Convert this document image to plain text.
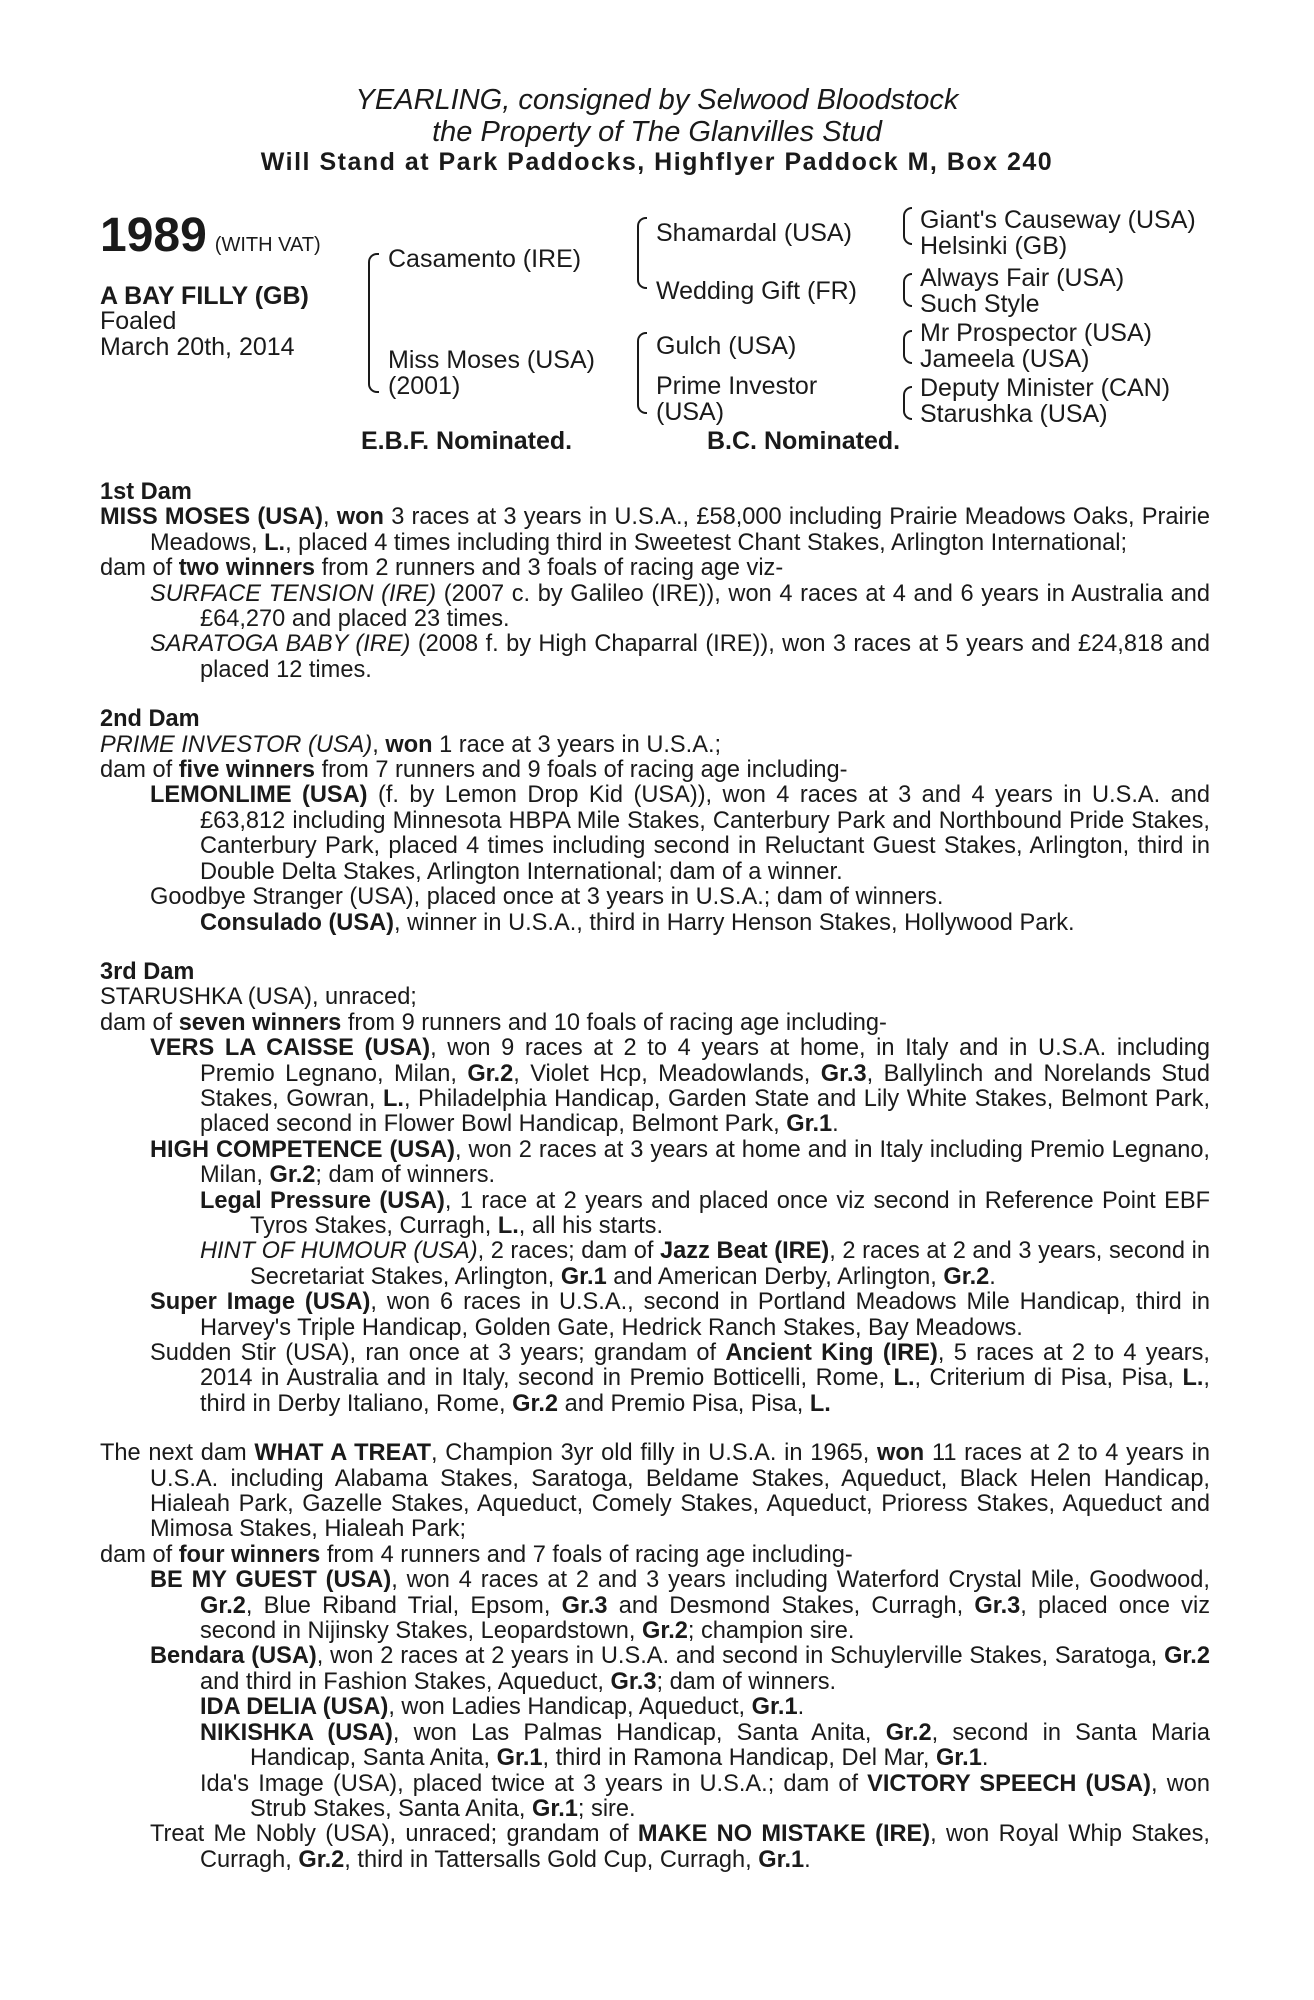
YEARLING, consigned by Selwood Bloodstock
the Property of The Glanvilles Stud
Will Stand at Park Paddocks, Highflyer Paddock M, Box 240
1989 (WITH VAT)
A BAY FILLY (GB)
Foaled
March 20th, 2014
Casamento (IRE)
Miss Moses (USA)
(2001)
Shamardal (USA)
Wedding Gift (FR)
Gulch (USA)
Prime Investor
(USA)
Giant's Causeway (USA)
Helsinki (GB)
Always Fair (USA)
Such Style
Mr Prospector (USA)
Jameela (USA)
Deputy Minister (CAN)
Starushka (USA)
E.B.F. Nominated.	B.C. Nominated.

1st Dam

MISS MOSES (USA), won 3 races at 3 years in U.S.A., £58,000 including Prairie Meadows Oaks, Prairie Meadows, L., placed 4 times including third in Sweetest Chant Stakes, Arlington International;

dam of two winners from 2 runners and 3 foals of racing age viz-

SURFACE TENSION (IRE) (2007 c. by Galileo (IRE)), won 4 races at 4 and 6 years in Australia and £64,270 and placed 23 times.

SARATOGA BABY (IRE) (2008 f. by High Chaparral (IRE)), won 3 races at 5 years and £24,818 and placed 12 times.

2nd Dam

PRIME INVESTOR (USA), won 1 race at 3 years in U.S.A.;

dam of five winners from 7 runners and 9 foals of racing age including-

LEMONLIME (USA) (f. by Lemon Drop Kid (USA)), won 4 races at 3 and 4 years in U.S.A. and £63,812 including Minnesota HBPA Mile Stakes, Canterbury Park and Northbound Pride Stakes, Canterbury Park, placed 4 times including second in Reluctant Guest Stakes, Arlington, third in Double Delta Stakes, Arlington International; dam of a winner.

Goodbye Stranger (USA), placed once at 3 years in U.S.A.; dam of winners.

Consulado (USA), winner in U.S.A., third in Harry Henson Stakes, Hollywood Park.

3rd Dam

STARUSHKA (USA), unraced;

dam of seven winners from 9 runners and 10 foals of racing age including-

VERS LA CAISSE (USA), won 9 races at 2 to 4 years at home, in Italy and in U.S.A. including Premio Legnano, Milan, Gr.2, Violet Hcp, Meadowlands, Gr.3, Ballylinch and Norelands Stud Stakes, Gowran, L., Philadelphia Handicap, Garden State and Lily White Stakes, Belmont Park, placed second in Flower Bowl Handicap, Belmont Park, Gr.1.

HIGH COMPETENCE (USA), won 2 races at 3 years at home and in Italy including Premio Legnano, Milan, Gr.2; dam of winners.

Legal Pressure (USA), 1 race at 2 years and placed once viz second in Reference Point EBF Tyros Stakes, Curragh, L., all his starts.

HINT OF HUMOUR (USA), 2 races; dam of Jazz Beat (IRE), 2 races at 2 and 3 years, second in Secretariat Stakes, Arlington, Gr.1 and American Derby, Arlington, Gr.2.

Super Image (USA), won 6 races in U.S.A., second in Portland Meadows Mile Handicap, third in Harvey's Triple Handicap, Golden Gate, Hedrick Ranch Stakes, Bay Meadows.

Sudden Stir (USA), ran once at 3 years; grandam of Ancient King (IRE), 5 races at 2 to 4 years, 2014 in Australia and in Italy, second in Premio Botticelli, Rome, L., Criterium di Pisa, Pisa, L., third in Derby Italiano, Rome, Gr.2 and Premio Pisa, Pisa, L.

The next dam WHAT A TREAT, Champion 3yr old filly in U.S.A. in 1965, won 11 races at 2 to 4 years in U.S.A. including Alabama Stakes, Saratoga, Beldame Stakes, Aqueduct, Black Helen Handicap, Hialeah Park, Gazelle Stakes, Aqueduct, Comely Stakes, Aqueduct, Prioress Stakes, Aqueduct and Mimosa Stakes, Hialeah Park;

dam of four winners from 4 runners and 7 foals of racing age including-

BE MY GUEST (USA), won 4 races at 2 and 3 years including Waterford Crystal Mile, Goodwood, Gr.2, Blue Riband Trial, Epsom, Gr.3 and Desmond Stakes, Curragh, Gr.3, placed once viz second in Nijinsky Stakes, Leopardstown, Gr.2; champion sire.

Bendara (USA), won 2 races at 2 years in U.S.A. and second in Schuylerville Stakes, Saratoga, Gr.2 and third in Fashion Stakes, Aqueduct, Gr.3; dam of winners.

IDA DELIA (USA), won Ladies Handicap, Aqueduct, Gr.1.

NIKISHKA (USA), won Las Palmas Handicap, Santa Anita, Gr.2, second in Santa Maria Handicap, Santa Anita, Gr.1, third in Ramona Handicap, Del Mar, Gr.1.

Ida's Image (USA), placed twice at 3 years in U.S.A.; dam of VICTORY SPEECH (USA), won Strub Stakes, Santa Anita, Gr.1; sire.

Treat Me Nobly (USA), unraced; grandam of MAKE NO MISTAKE (IRE), won Royal Whip Stakes, Curragh, Gr.2, third in Tattersalls Gold Cup, Curragh, Gr.1.
